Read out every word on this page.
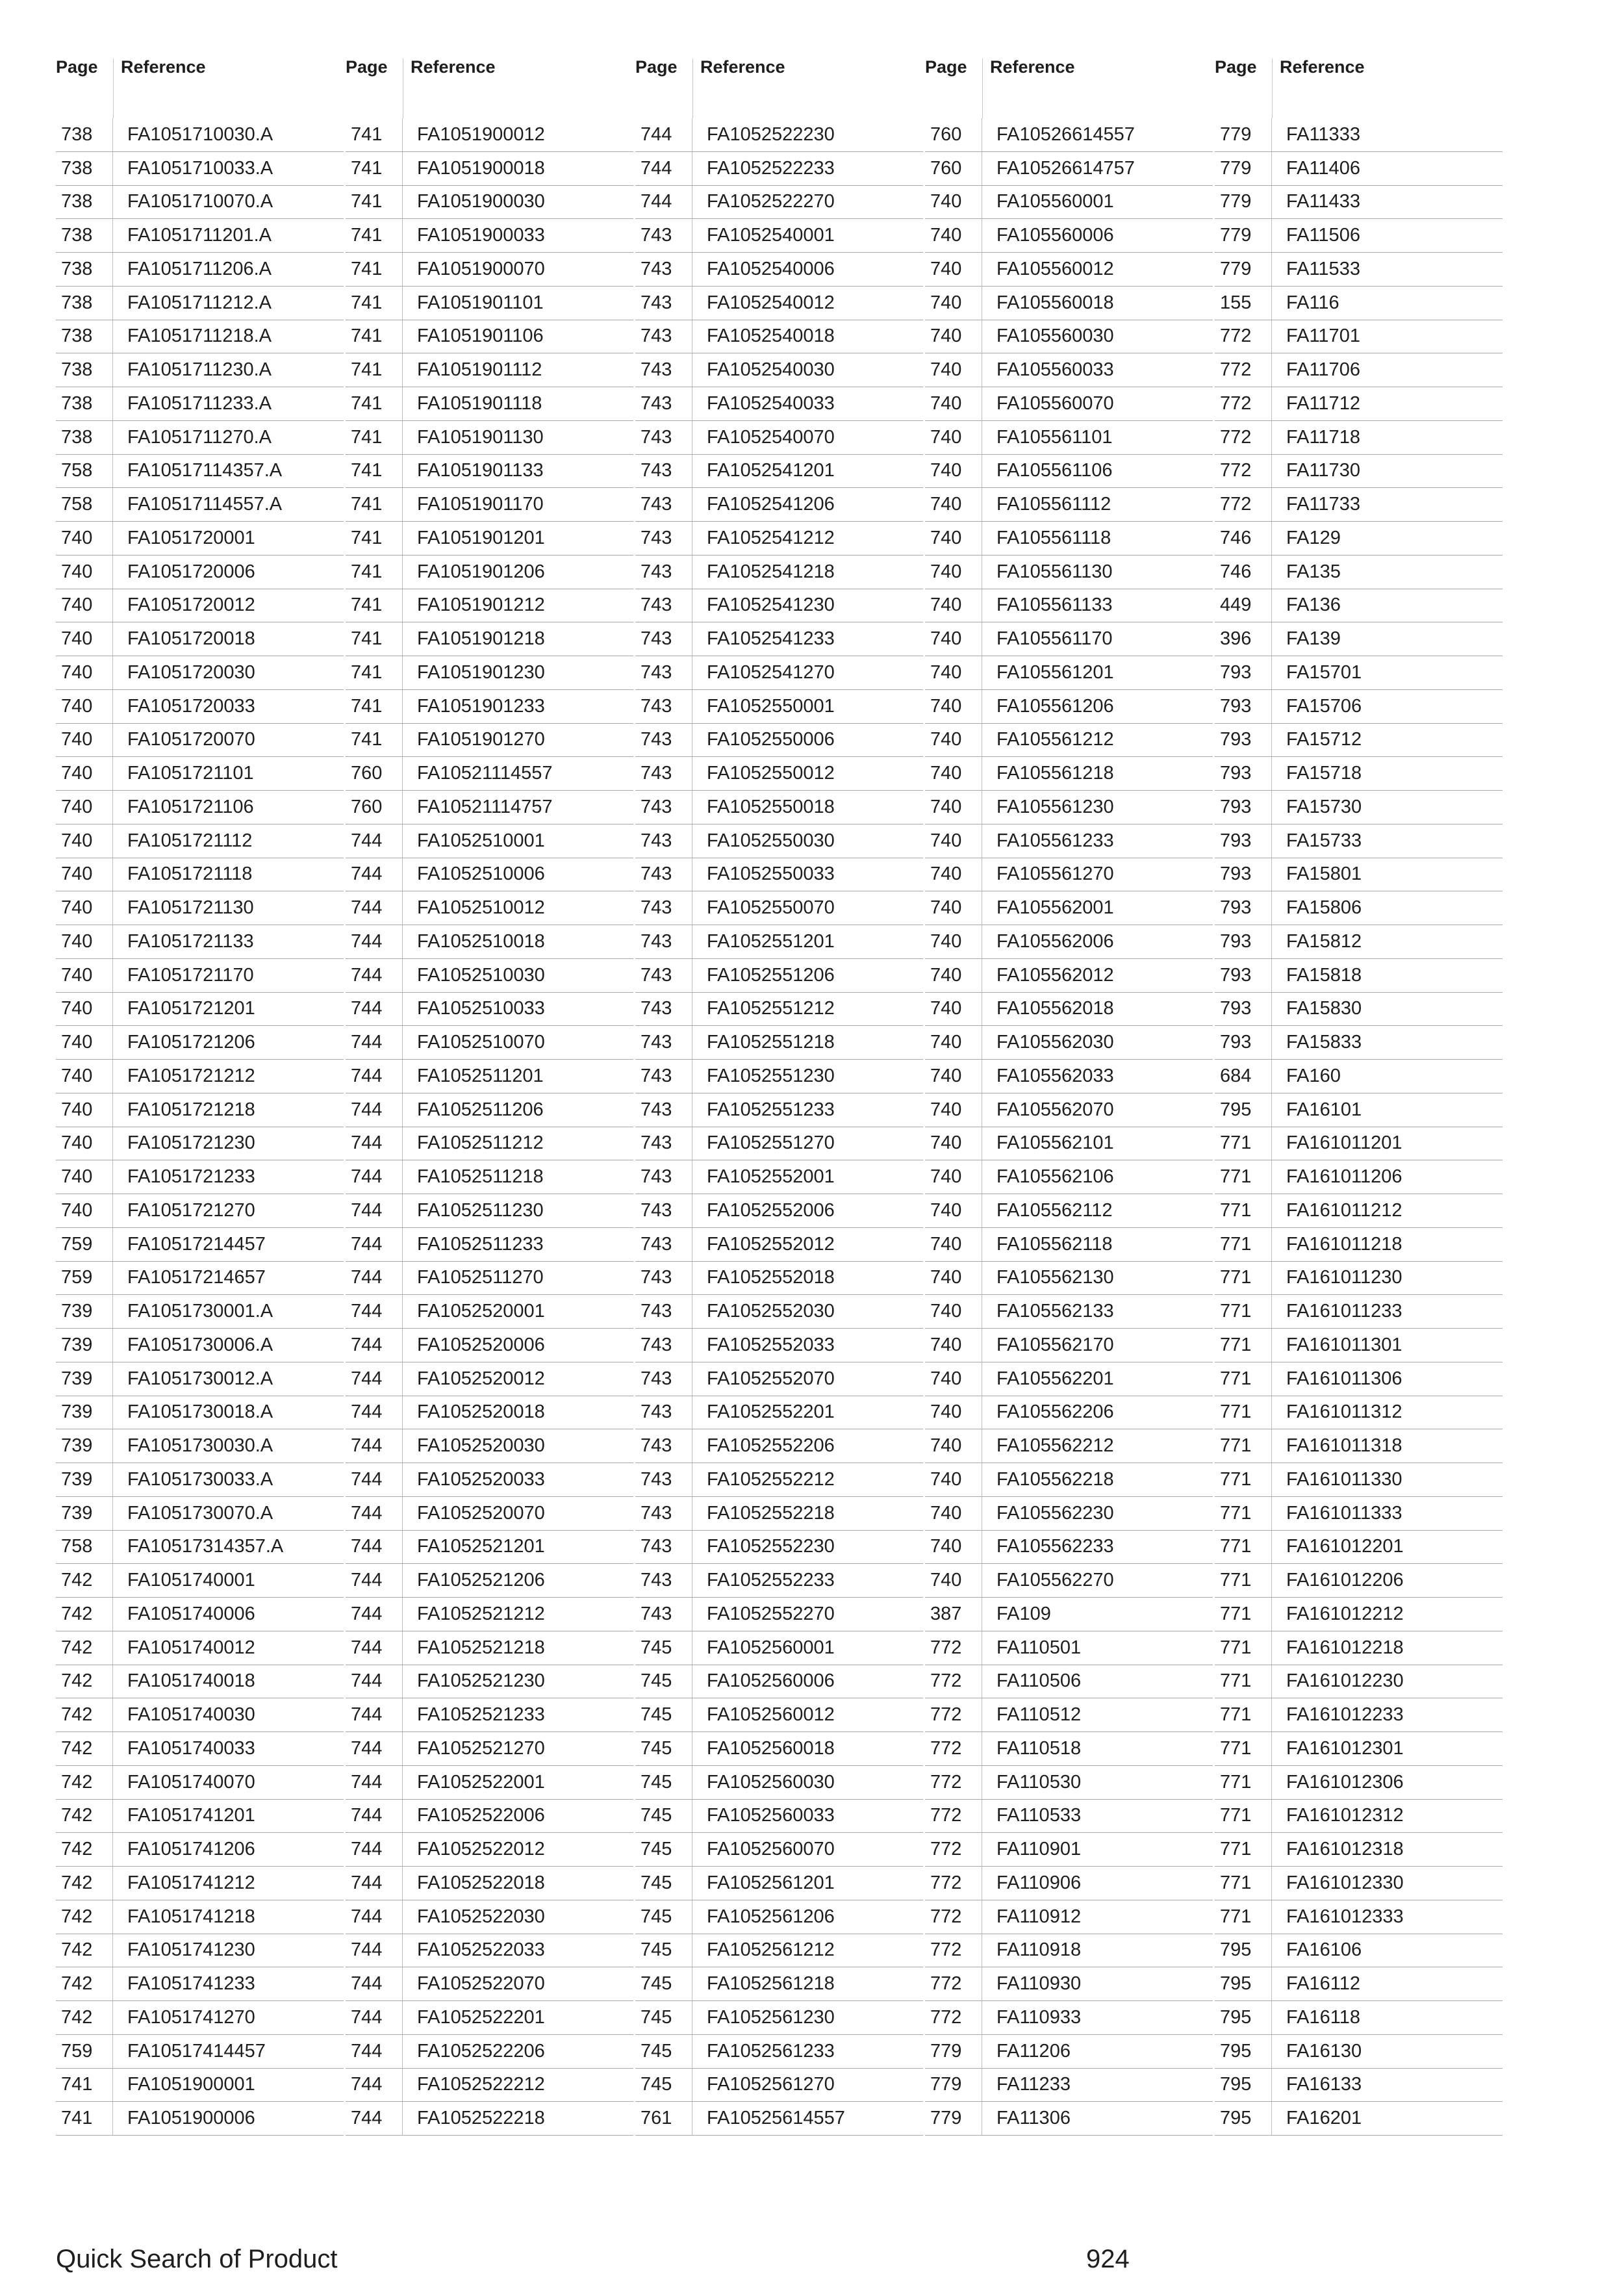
Page	Reference
738	FA1051710030.A
738	FA1051710033.A
738	FA1051710070.A
738	FA1051711201.A
738	FA1051711206.A
738	FA1051711212.A
738	FA1051711218.A
738	FA1051711230.A
738	FA1051711233.A
738	FA1051711270.A
758	FA10517114357.A
758	FA10517114557.A
740	FA1051720001
740	FA1051720006
740	FA1051720012
740	FA1051720018
740	FA1051720030
740	FA1051720033
740	FA1051720070
740	FA1051721101
740	FA1051721106
740	FA1051721112
740	FA1051721118
740	FA1051721130
740	FA1051721133
740	FA1051721170
740	FA1051721201
740	FA1051721206
740	FA1051721212
740	FA1051721218
740	FA1051721230
740	FA1051721233
740	FA1051721270
759	FA10517214457
759	FA10517214657
739	FA1051730001.A
739	FA1051730006.A
739	FA1051730012.A
739	FA1051730018.A
739	FA1051730030.A
739	FA1051730033.A
739	FA1051730070.A
758	FA10517314357.A
742	FA1051740001
742	FA1051740006
742	FA1051740012
742	FA1051740018
742	FA1051740030
742	FA1051740033
742	FA1051740070
742	FA1051741201
742	FA1051741206
742	FA1051741212
742	FA1051741218
742	FA1051741230
742	FA1051741233
742	FA1051741270
759	FA10517414457
741	FA1051900001
741	FA1051900006
Page	Reference
741	FA1051900012
741	FA1051900018
741	FA1051900030
741	FA1051900033
741	FA1051900070
741	FA1051901101
741	FA1051901106
741	FA1051901112
741	FA1051901118
741	FA1051901130
741	FA1051901133
741	FA1051901170
741	FA1051901201
741	FA1051901206
741	FA1051901212
741	FA1051901218
741	FA1051901230
741	FA1051901233
741	FA1051901270
760	FA10521114557
760	FA10521114757
744	FA1052510001
744	FA1052510006
744	FA1052510012
744	FA1052510018
744	FA1052510030
744	FA1052510033
744	FA1052510070
744	FA1052511201
744	FA1052511206
744	FA1052511212
744	FA1052511218
744	FA1052511230
744	FA1052511233
744	FA1052511270
744	FA1052520001
744	FA1052520006
744	FA1052520012
744	FA1052520018
744	FA1052520030
744	FA1052520033
744	FA1052520070
744	FA1052521201
744	FA1052521206
744	FA1052521212
744	FA1052521218
744	FA1052521230
744	FA1052521233
744	FA1052521270
744	FA1052522001
744	FA1052522006
744	FA1052522012
744	FA1052522018
744	FA1052522030
744	FA1052522033
744	FA1052522070
744	FA1052522201
744	FA1052522206
744	FA1052522212
744	FA1052522218
Page	Reference
744	FA1052522230
744	FA1052522233
744	FA1052522270
743	FA1052540001
743	FA1052540006
743	FA1052540012
743	FA1052540018
743	FA1052540030
743	FA1052540033
743	FA1052540070
743	FA1052541201
743	FA1052541206
743	FA1052541212
743	FA1052541218
743	FA1052541230
743	FA1052541233
743	FA1052541270
743	FA1052550001
743	FA1052550006
743	FA1052550012
743	FA1052550018
743	FA1052550030
743	FA1052550033
743	FA1052550070
743	FA1052551201
743	FA1052551206
743	FA1052551212
743	FA1052551218
743	FA1052551230
743	FA1052551233
743	FA1052551270
743	FA1052552001
743	FA1052552006
743	FA1052552012
743	FA1052552018
743	FA1052552030
743	FA1052552033
743	FA1052552070
743	FA1052552201
743	FA1052552206
743	FA1052552212
743	FA1052552218
743	FA1052552230
743	FA1052552233
743	FA1052552270
745	FA1052560001
745	FA1052560006
745	FA1052560012
745	FA1052560018
745	FA1052560030
745	FA1052560033
745	FA1052560070
745	FA1052561201
745	FA1052561206
745	FA1052561212
745	FA1052561218
745	FA1052561230
745	FA1052561233
745	FA1052561270
761	FA10525614557
Page	Reference
760	FA10526614557
760	FA10526614757
740	FA105560001
740	FA105560006
740	FA105560012
740	FA105560018
740	FA105560030
740	FA105560033
740	FA105560070
740	FA105561101
740	FA105561106
740	FA105561112
740	FA105561118
740	FA105561130
740	FA105561133
740	FA105561170
740	FA105561201
740	FA105561206
740	FA105561212
740	FA105561218
740	FA105561230
740	FA105561233
740	FA105561270
740	FA105562001
740	FA105562006
740	FA105562012
740	FA105562018
740	FA105562030
740	FA105562033
740	FA105562070
740	FA105562101
740	FA105562106
740	FA105562112
740	FA105562118
740	FA105562130
740	FA105562133
740	FA105562170
740	FA105562201
740	FA105562206
740	FA105562212
740	FA105562218
740	FA105562230
740	FA105562233
740	FA105562270
387	FA109
772	FA110501
772	FA110506
772	FA110512
772	FA110518
772	FA110530
772	FA110533
772	FA110901
772	FA110906
772	FA110912
772	FA110918
772	FA110930
772	FA110933
779	FA11206
779	FA11233
779	FA11306
Page	Reference
779	FA11333
779	FA11406
779	FA11433
779	FA11506
779	FA11533
155	FA116
772	FA11701
772	FA11706
772	FA11712
772	FA11718
772	FA11730
772	FA11733
746	FA129
746	FA135
449	FA136
396	FA139
793	FA15701
793	FA15706
793	FA15712
793	FA15718
793	FA15730
793	FA15733
793	FA15801
793	FA15806
793	FA15812
793	FA15818
793	FA15830
793	FA15833
684	FA160
795	FA16101
771	FA161011201
771	FA161011206
771	FA161011212
771	FA161011218
771	FA161011230
771	FA161011233
771	FA161011301
771	FA161011306
771	FA161011312
771	FA161011318
771	FA161011330
771	FA161011333
771	FA161012201
771	FA161012206
771	FA161012212
771	FA161012218
771	FA161012230
771	FA161012233
771	FA161012301
771	FA161012306
771	FA161012312
771	FA161012318
771	FA161012330
771	FA161012333
795	FA16106
795	FA16112
795	FA16118
795	FA16130
795	FA16133
795	FA16201
Quick Search of Product	924
